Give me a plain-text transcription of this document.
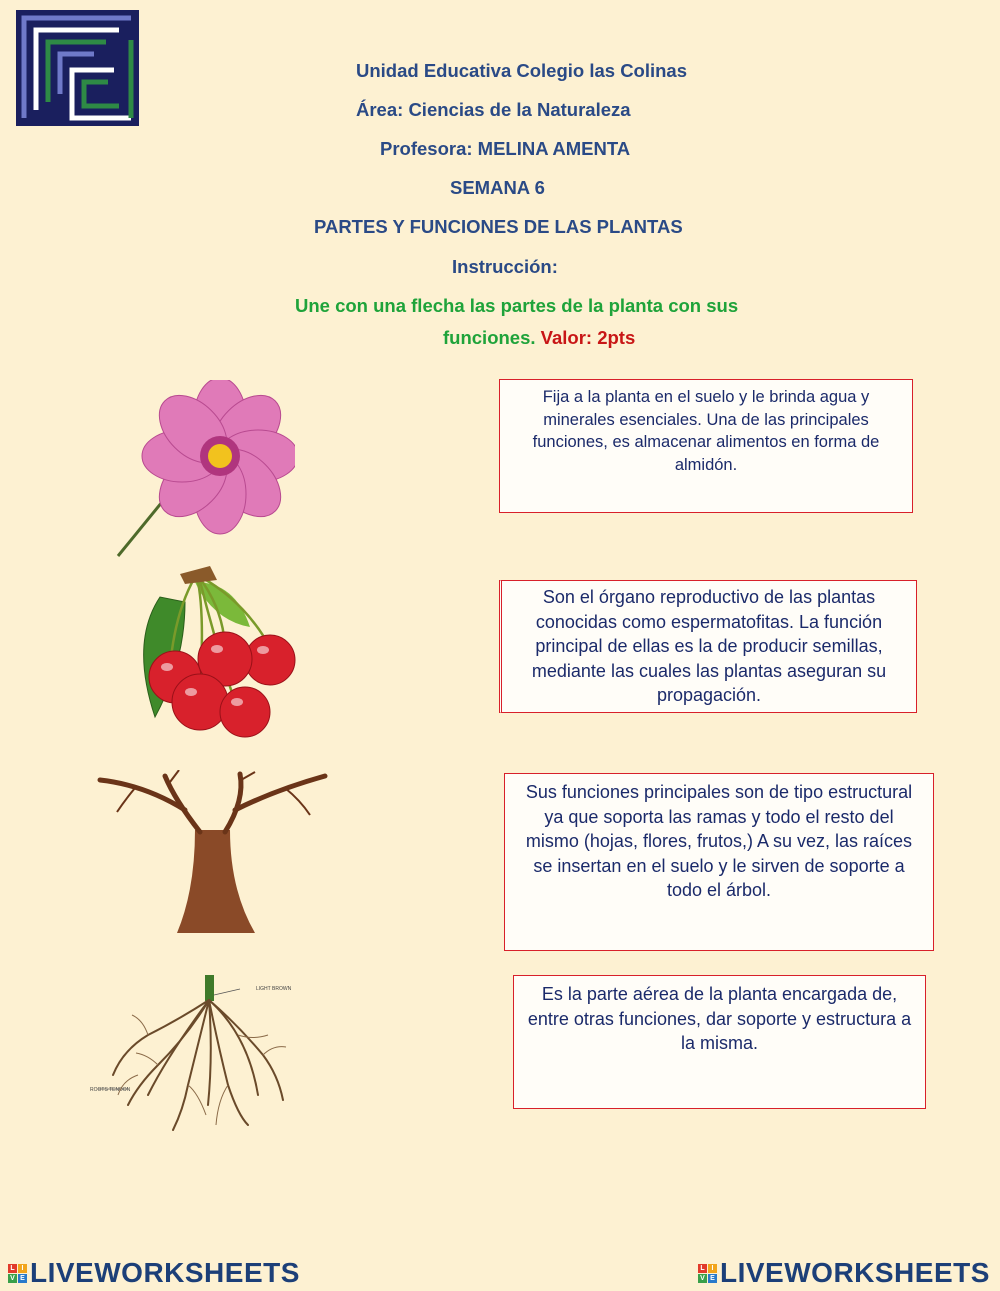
Unidad Educativa Colegio las Colinas
Área: Ciencias de la Naturaleza
Profesora: MELINA AMENTA
SEMANA 6
PARTES Y FUNCIONES DE LAS PLANTAS
Instrucción:
Une con una flecha las partes de la planta con sus
funciones. Valor: 2pts
LIGHT BROWN
ROOTS TENDON

Fija a la planta en el suelo y le brinda agua y minerales esenciales. Una de las principales funciones, es almacenar alimentos en forma de almidón.

Son el órgano reproductivo de las plantas conocidas como espermatofitas. La función principal de ellas es la de producir semillas, mediante las cuales las plantas aseguran su propagación.

Sus funciones principales son de tipo estructural ya que soporta las ramas y todo el resto del mismo (hojas, flores, frutos,) A su vez, las raíces se insertan en el suelo y le sirven de soporte a todo el árbol.

Es la parte aérea de la planta encargada de, entre otras funciones, dar soporte y estructura a la misma.

L I
V E LIVEWORKSHEETS	L I
V E LIVEWORKSHEETS
